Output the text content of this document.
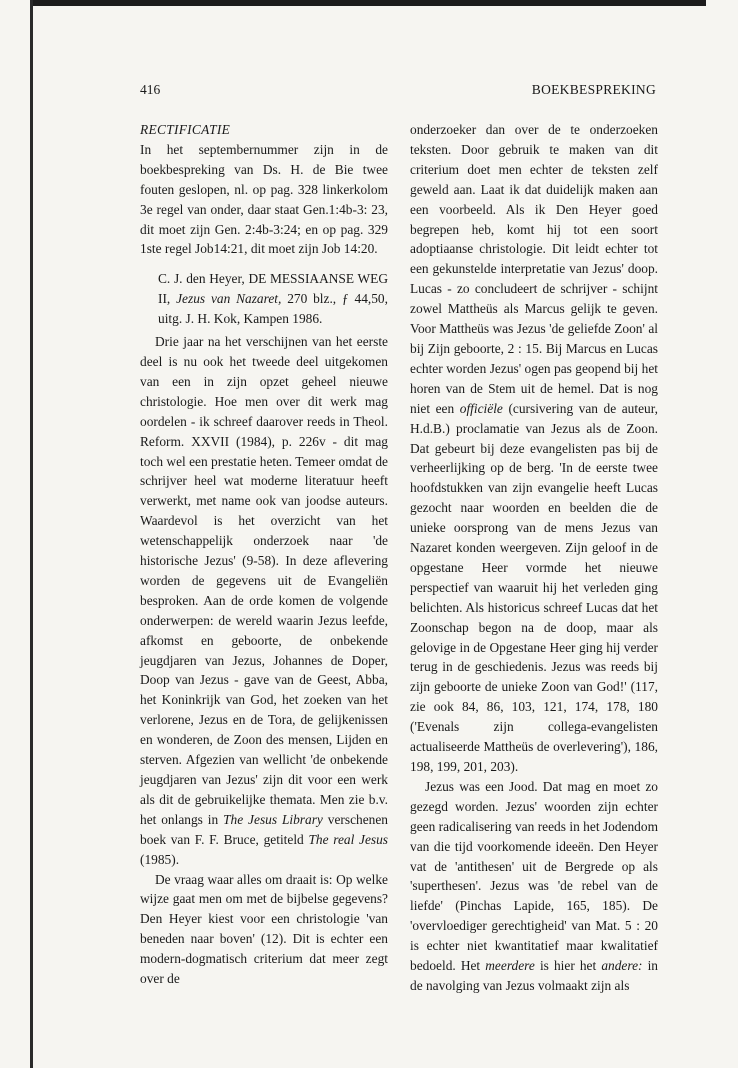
416	BOEKBESPREKING

RECTIFICATIE

In het septembernummer zijn in de boekbespreking van Ds. H. de Bie twee fouten geslopen, nl. op pag. 328 linkerkolom 3e regel van onder, daar staat Gen.1:4b-3: 23, dit moet zijn Gen. 2:4b-3:24; en op pag. 329 1ste regel Job14:21, dit moet zijn Job 14:20.

C. J. den Heyer, DE MESSIAANSE WEG II, Jezus van Nazaret, 270 blz., ƒ 44,50, uitg. J. H. Kok, Kampen 1986.

Drie jaar na het verschijnen van het eerste deel is nu ook het tweede deel uitgekomen van een in zijn opzet geheel nieuwe christologie. Hoe men over dit werk mag oordelen - ik schreef daarover reeds in Theol. Reform. XXVII (1984), p. 226v - dit mag toch wel een prestatie heten. Temeer omdat de schrijver heel wat moderne literatuur heeft verwerkt, met name ook van joodse auteurs. Waardevol is het overzicht van het wetenschappelijk onderzoek naar 'de historische Jezus' (9-58). In deze aflevering worden de gegevens uit de Evangeliën besproken. Aan de orde komen de volgende onderwerpen: de wereld waarin Jezus leefde, afkomst en geboorte, de onbekende jeugdjaren van Jezus, Johannes de Doper, Doop van Jezus - gave van de Geest, Abba, het Koninkrijk van God, het zoeken van het verlorene, Jezus en de Tora, de gelijkenissen en wonderen, de Zoon des mensen, Lijden en sterven. Afgezien van wellicht 'de onbekende jeugdjaren van Jezus' zijn dit voor een werk als dit de gebruikelijke themata. Men zie b.v. het onlangs in The Jesus Library verschenen boek van F. F. Bruce, getiteld The real Jesus (1985).

De vraag waar alles om draait is: Op welke wijze gaat men om met de bijbelse gegevens? Den Heyer kiest voor een christologie 'van beneden naar boven' (12). Dit is echter een modern-dogmatisch criterium dat meer zegt over de

onderzoeker dan over de te onderzoeken teksten. Door gebruik te maken van dit criterium doet men echter de teksten zelf geweld aan. Laat ik dat duidelijk maken aan een voorbeeld. Als ik Den Heyer goed begrepen heb, komt hij tot een soort adoptiaanse christologie. Dit leidt echter tot een gekunstelde interpretatie van Jezus' doop. Lucas - zo concludeert de schrijver - schijnt zowel Mattheüs als Marcus gelijk te geven. Voor Mattheüs was Jezus 'de geliefde Zoon' al bij Zijn geboorte, 2 : 15. Bij Marcus en Lucas echter worden Jezus' ogen pas geopend bij het horen van de Stem uit de hemel. Dat is nog niet een officiële (cursivering van de auteur, H.d.B.) proclamatie van Jezus als de Zoon. Dat gebeurt bij deze evangelisten pas bij de verheerlijking op de berg. 'In de eerste twee hoofdstukken van zijn evangelie heeft Lucas gezocht naar woorden en beelden die de unieke oorsprong van de mens Jezus van Nazaret konden weergeven. Zijn geloof in de opgestane Heer vormde het nieuwe perspectief van waaruit hij het verleden ging belichten. Als historicus schreef Lucas dat het Zoonschap begon na de doop, maar als gelovige in de Opgestane Heer ging hij verder terug in de geschiedenis. Jezus was reeds bij zijn geboorte de unieke Zoon van God!' (117, zie ook 84, 86, 103, 121, 174, 178, 180 ('Evenals zijn collega-evangelisten actualiseerde Mattheüs de overlevering'), 186, 198, 199, 201, 203).

Jezus was een Jood. Dat mag en moet zo gezegd worden. Jezus' woorden zijn echter geen radicalisering van reeds in het Jodendom van die tijd voorkomende ideeën. Den Heyer vat de 'antithesen' uit de Bergrede op als 'superthesen'. Jezus was 'de rebel van de liefde' (Pinchas Lapide, 165, 185). De 'overvloediger gerechtigheid' van Mat. 5 : 20 is echter niet kwantitatief maar kwalitatief bedoeld. Het meerdere is hier het andere: in de navolging van Jezus volmaakt zijn als
